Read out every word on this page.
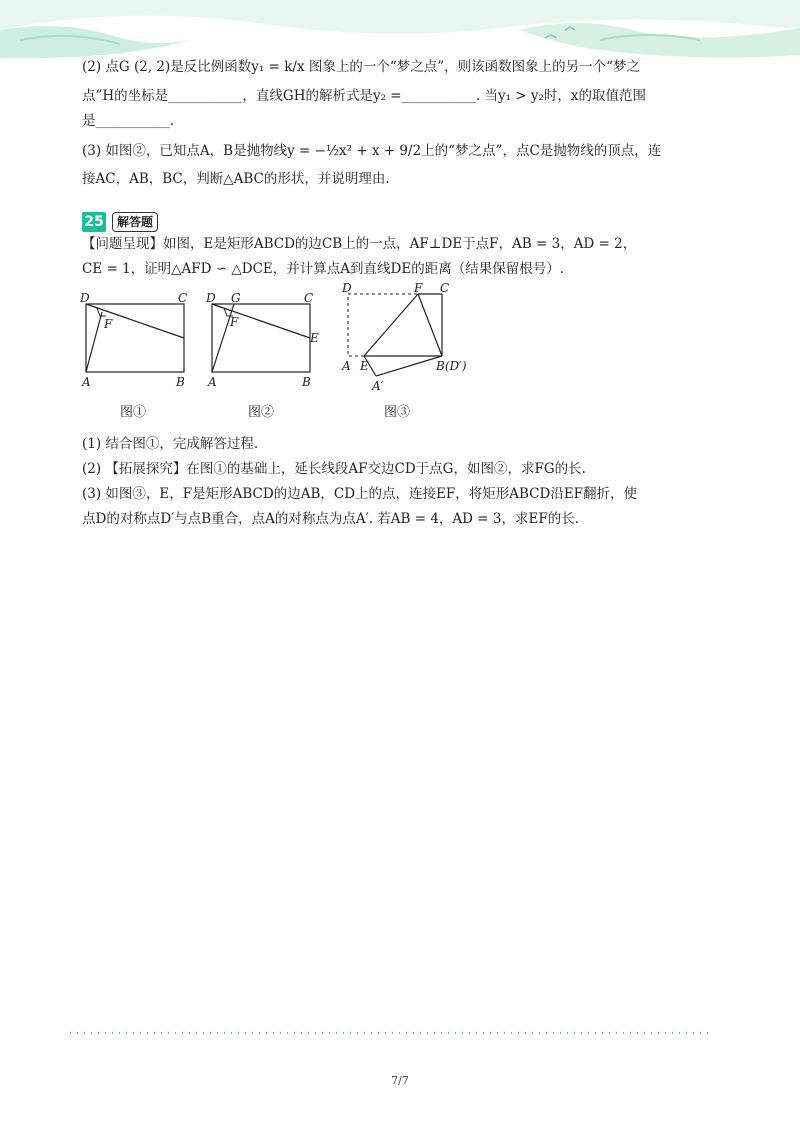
(2) 点G (2, 2)是反比例函数y₁ = k/x 图象上的一个“梦之点”，则该函数图象上的另一个“梦之
点”H的坐标是___________，直线GH的解析式是y₂ =___________. 当y₁ > y₂时，x的取值范围
是___________.
(3) 如图②，已知点A，B是抛物线y = −½x² + x + 9/2上的“梦之点”，点C是抛物线的顶点，连
接AC，AB，BC，判断△ABC的形状，并说明理由.
25	解答题
【问题呈现】如图，E是矩形ABCD的边CB上的一点，AF⊥DE于点F，AB = 3，AD = 2，
CE = 1，证明△AFD ∽ △DCE，并计算点A到直线DE的距离（结果保留根号）.
D	C
F
A	B
图①
D G	C
F
E
A	B
图②
D	F C
A E
A′
B(D′)
图③
(1) 结合图①，完成解答过程.
(2) 【拓展探究】在图①的基础上，延长线段AF交边CD于点G，如图②，求FG的长.
(3) 如图③，E，F是矩形ABCD的边AB，CD上的点，连接EF，将矩形ABCD沿EF翻折，使
点D的对称点D′与点B重合，点A的对称点为点A′. 若AB = 4，AD = 3，求EF的长.
7/7
